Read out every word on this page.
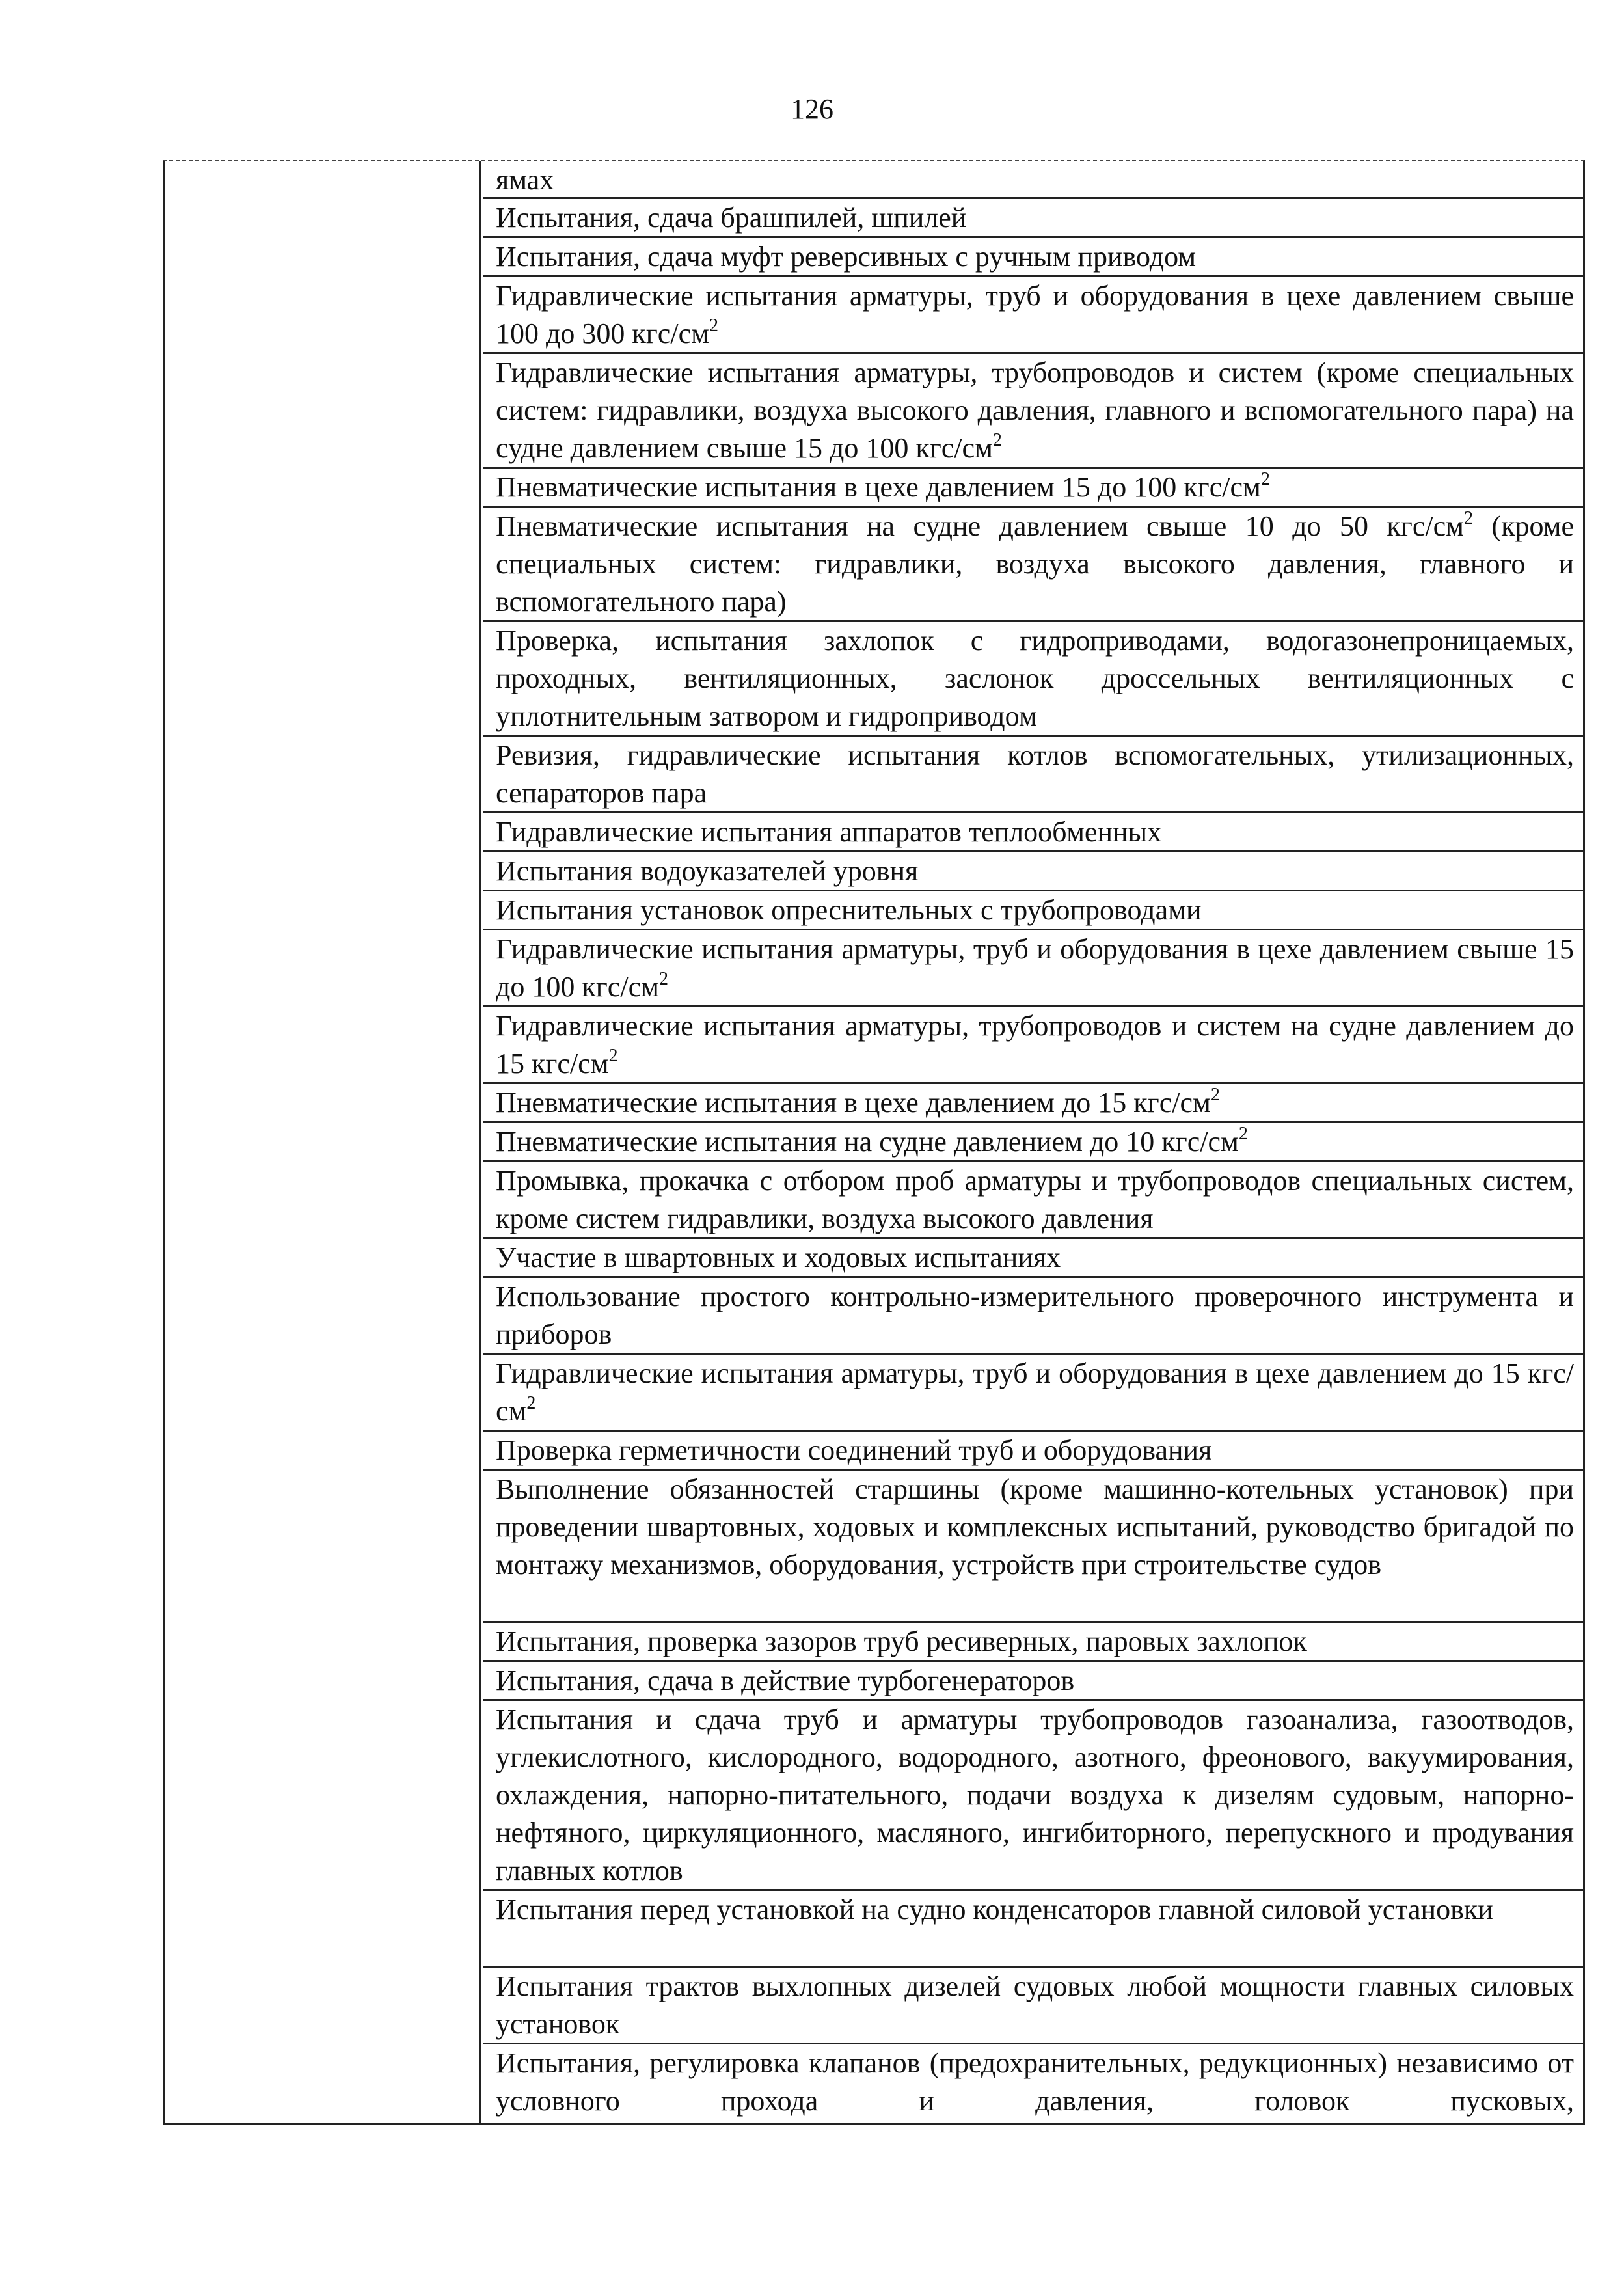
126
ямах
Испытания, сдача брашпилей, шпилей
Испытания, сдача муфт реверсивных с ручным приводом
Гидравлические испытания арматуры, труб и оборудования в цехе давлением свыше 100 до 300 кгс/$см^2$
Гидравлические испытания арматуры, трубопроводов и систем (кроме специальных систем: гидравлики, воздуха высокого давления, главного и вспомогательного пара) на судне давлением свыше 15 до 100 кгс/$см^2$
Пневматические испытания в цехе давлением 15 до 100 кгс/$см^2$
Пневматические испытания на судне давлением свыше 10 до 50 кгс/$см^2$ (кроме специальных систем: гидравлики, воздуха высокого давления, главного и вспомогательного пара)
Проверка, испытания захлопок с гидроприводами, водогазонепроницаемых, проходных, вентиляционных, заслонок дроссельных вентиляционных с уплотнительным затвором и гидроприводом
Ревизия, гидравлические испытания котлов вспомогательных, утилизационных, сепараторов пара
Гидравлические испытания аппаратов теплообменных
Испытания водоуказателей уровня
Испытания установок опреснительных с трубопроводами
Гидравлические испытания арматуры, труб и оборудования в цехе давлением свыше 15 до 100 кгс/$см^2$
Гидравлические испытания арматуры, трубопроводов и систем на судне давлением до 15 кгс/$см^2$
Пневматические испытания в цехе давлением до 15 кгс/$см^2$
Пневматические испытания на судне давлением до 10 кгс/$см^2$
Промывка, прокачка с отбором проб арматуры и трубопроводов специальных систем, кроме систем гидравлики, воздуха высокого давления
Участие в швартовных и ходовых испытаниях
Использование простого контрольно-измерительного проверочного инструмента и приборов
Гидравлические испытания арматуры, труб и оборудования в цехе давлением до 15 кгс/$см^2$
Проверка герметичности соединений труб и оборудования
Выполнение обязанностей старшины (кроме машинно-котельных установок) при проведении швартовных, ходовых и комплексных испытаний, руководство бригадой по монтажу механизмов, оборудования, устройств при строительстве судов
Испытания, проверка зазоров труб ресиверных, паровых захлопок
Испытания, сдача в действие турбогенераторов
Испытания и сдача труб и арматуры трубопроводов газоанализа, газоотводов, углекислотного, кислородного, водородного, азотного, фреонового, вакуумирования, охлаждения, напорно-питательного, подачи воздуха к дизелям судовым, напорно-нефтяного, циркуляционного, масляного, ингибиторного, перепускного и продувания главных котлов
Испытания перед установкой на судно конденсаторов главной силовой установки
Испытания трактов выхлопных дизелей судовых любой мощности главных силовых установок
Испытания, регулировка клапанов (предохранительных, редукционных) независимо от условного прохода и давления, головок пусковых,
